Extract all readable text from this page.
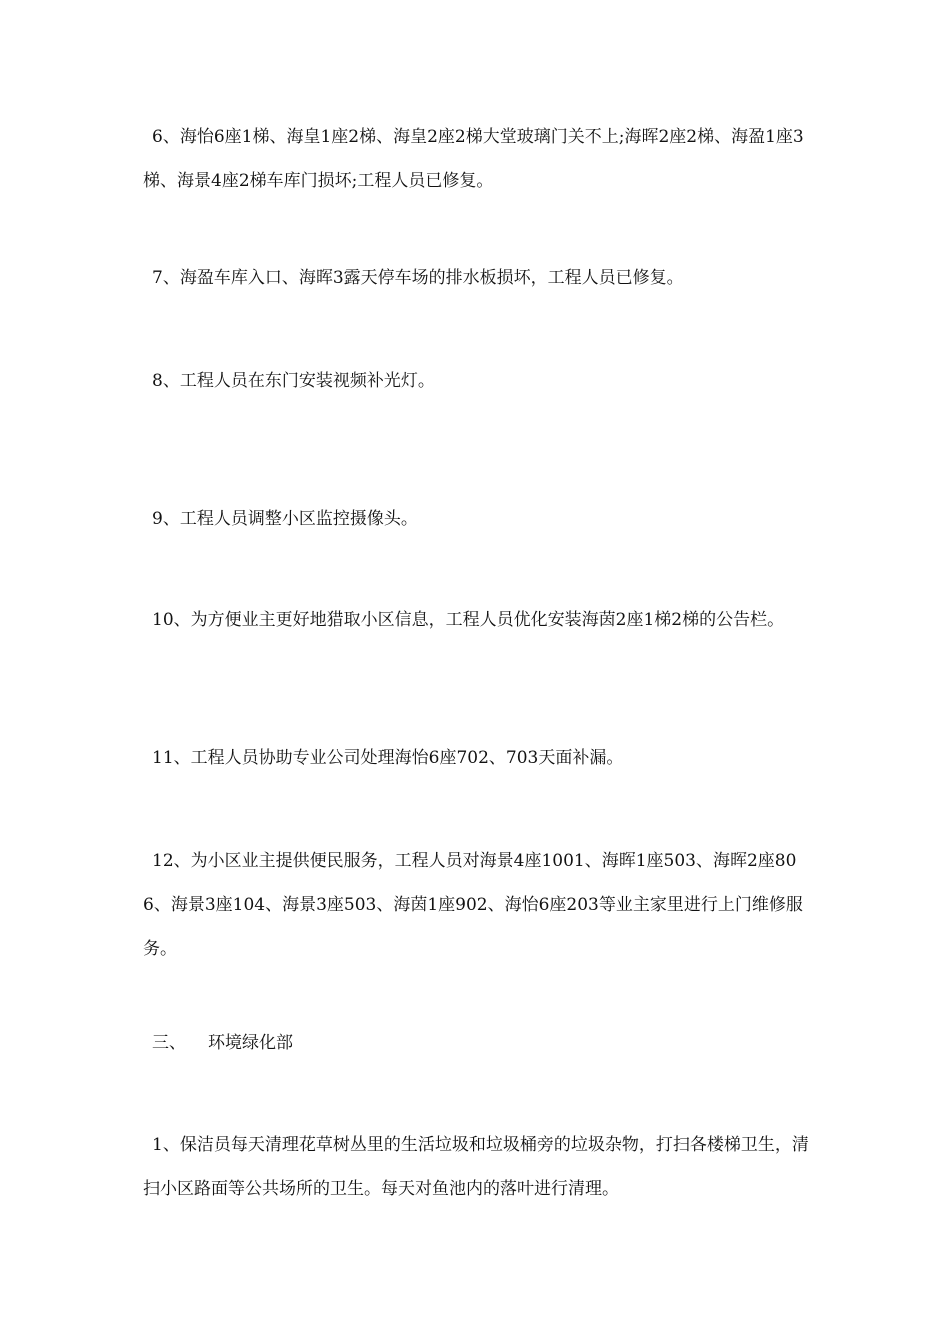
6、海怡6座1梯、海皇1座2梯、海皇2座2梯大堂玻璃门关不上;海晖2座2梯、海盈1座3梯、海景4座2梯车库门损坏;工程人员已修复。

7、海盈车库入口、海晖3露天停车场的排水板损坏，工程人员已修复。

8、工程人员在东门安装视频补光灯。

9、工程人员调整小区监控摄像头。

10、为方便业主更好地猎取小区信息，工程人员优化安装海茵2座1梯2梯的公告栏。

11、工程人员协助专业公司处理海怡6座702、703天面补漏。

12、为小区业主提供便民服务，工程人员对海景4座1001、海晖1座503、海晖2座806、海景3座104、海景3座503、海茵1座902、海怡6座203等业主家里进行上门维修服务。

三、 环境绿化部

1、保洁员每天清理花草树丛里的生活垃圾和垃圾桶旁的垃圾杂物，打扫各楼梯卫生，清扫小区路面等公共场所的卫生。每天对鱼池内的落叶进行清理。
